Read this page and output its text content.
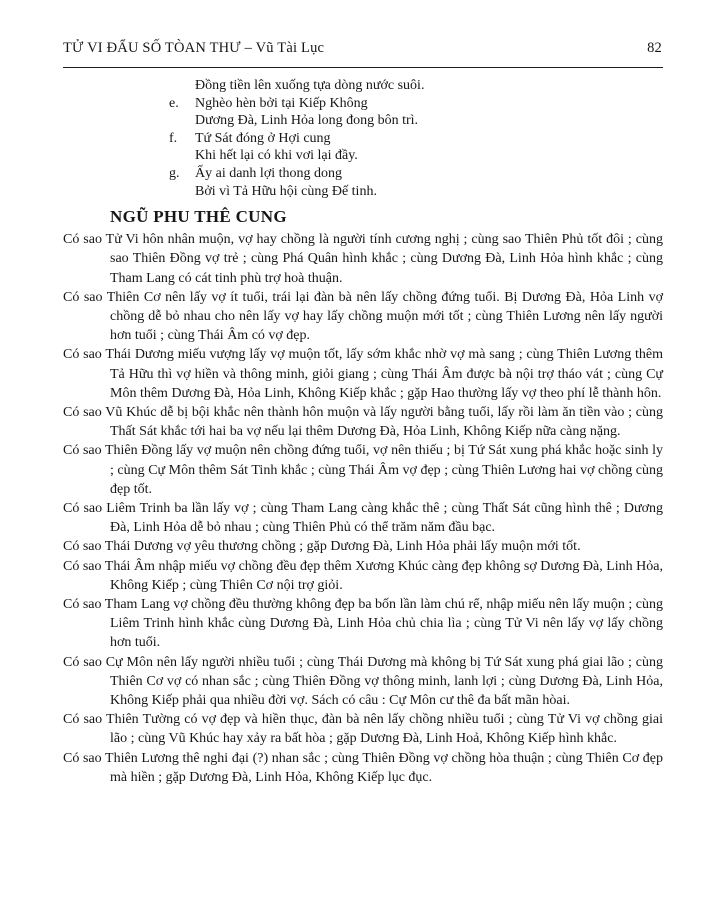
TỬ VI ĐẨU SỐ TÒAN THƯ – Vũ Tài Lục	82
Đồng tiền lên xuống tựa dòng nước suôi.
e.	Nghèo hèn bởi tại Kiếp Không
Dương Đà, Linh Hỏa long đong bôn trì.
f.	Tứ Sát đóng ở Hợi cung
Khi hết lại có khi vơi lại đầy.
g.	Ấy ai danh lợi thong dong
Bởi vì Tả Hữu hội cùng Đế tinh.
NGŨ PHU THÊ CUNG

Có sao Tử Vi hôn nhân muộn, vợ hay chồng là người tính cương nghị ; cùng sao Thiên Phủ tốt đôi ; cùng sao Thiên Đồng vợ trẻ ; cùng Phá Quân hình khắc ; cùng Dương Đà, Linh Hỏa hình khắc ; cùng Tham Lang có cát tinh phù trợ hoà thuận.

Có sao Thiên Cơ nên lấy vợ ít tuổi, trái lại đàn bà nên lấy chồng đứng tuổi. Bị Dương Đà, Hỏa Linh vợ chồng dễ bỏ nhau cho nên lấy vợ hay lấy chồng muộn mới tốt ; cùng Thiên Lương nên lấy người hơn tuổi ; cùng Thái Âm có vợ đẹp.

Có sao Thái Dương miếu vượng lấy vợ muộn tốt, lấy sớm khắc nhờ vợ mà sang ; cùng Thiên Lương thêm Tả Hữu thì vợ hiền và thông minh, giỏi giang ; cùng Thái Âm được bà nội trợ tháo vát ; cùng Cự Môn thêm Dương Đà, Hỏa Linh, Không Kiếp khắc ; gặp Hao thường lấy vợ theo phí lễ thành hôn.

Có sao Vũ Khúc dễ bị bội khắc nên thành hôn muộn và lấy người bằng tuổi, lấy rồi làm ăn tiền vào ; cùng Thất Sát khắc tới hai ba vợ nếu lại thêm Dương Đà, Hỏa Linh, Không Kiếp nữa càng nặng.

Có sao Thiên Đồng lấy vợ muộn nên chồng đứng tuổi, vợ nên thiếu ; bị Tứ Sát xung phá khắc hoặc sinh ly ; cùng Cự Môn thêm Sát Tinh khắc ; cùng Thái Âm vợ đẹp ; cùng Thiên Lương hai vợ chồng cùng đẹp tốt.

Có sao Liêm Trinh ba lần lấy vợ ; cùng Tham Lang càng khắc thê ; cùng Thất Sát cũng hình thê ; Dương Đà, Linh Hỏa dễ bỏ nhau ; cùng Thiên Phủ có thể trăm năm đầu bạc.

Có sao Thái Dương vợ yêu thương chồng ; gặp Dương Đà, Linh Hỏa phải lấy muộn mới tốt.

Có sao Thái Âm nhập miếu vợ chồng đều đẹp thêm Xương Khúc càng đẹp không sợ Dương Đà, Linh Hỏa, Không Kiếp ; cùng Thiên Cơ nội trợ giỏi.

Có sao Tham Lang vợ chồng đều thường không đẹp ba bốn lần làm chú rể, nhập miếu nên lấy muộn ; cùng Liêm Trinh hình khắc cùng Dương Đà, Linh Hỏa chủ chia lìa ; cùng Tử Vi nên lấy vợ lấy chồng hơn tuổi.

Có sao Cự Môn nên lấy người nhiều tuổi ; cùng Thái Dương mà không bị Tứ Sát xung phá giai lão ; cùng Thiên Cơ vợ có nhan sắc ; cùng Thiên Đồng vợ thông minh, lanh lợi ; cùng Dương Đà, Linh Hỏa, Không Kiếp phải qua nhiều đời vợ. Sách có câu : Cự Môn cư thê đa bất mãn hòai.

Có sao Thiên Tường có vợ đẹp và hiền thục, đàn bà nên lấy chồng nhiều tuổi ; cùng Tử Vi vợ chồng giai lão ; cùng Vũ Khúc hay xảy ra bất hòa ; gặp Dương Đà, Linh Hoả, Không Kiếp hình khắc.

Có sao Thiên Lương thê nghi đại (?) nhan sắc ; cùng Thiên Đồng vợ chồng hòa thuận ; cùng Thiên Cơ đẹp mà hiền ; gặp Dương Đà, Linh Hỏa, Không Kiếp lục đục.
